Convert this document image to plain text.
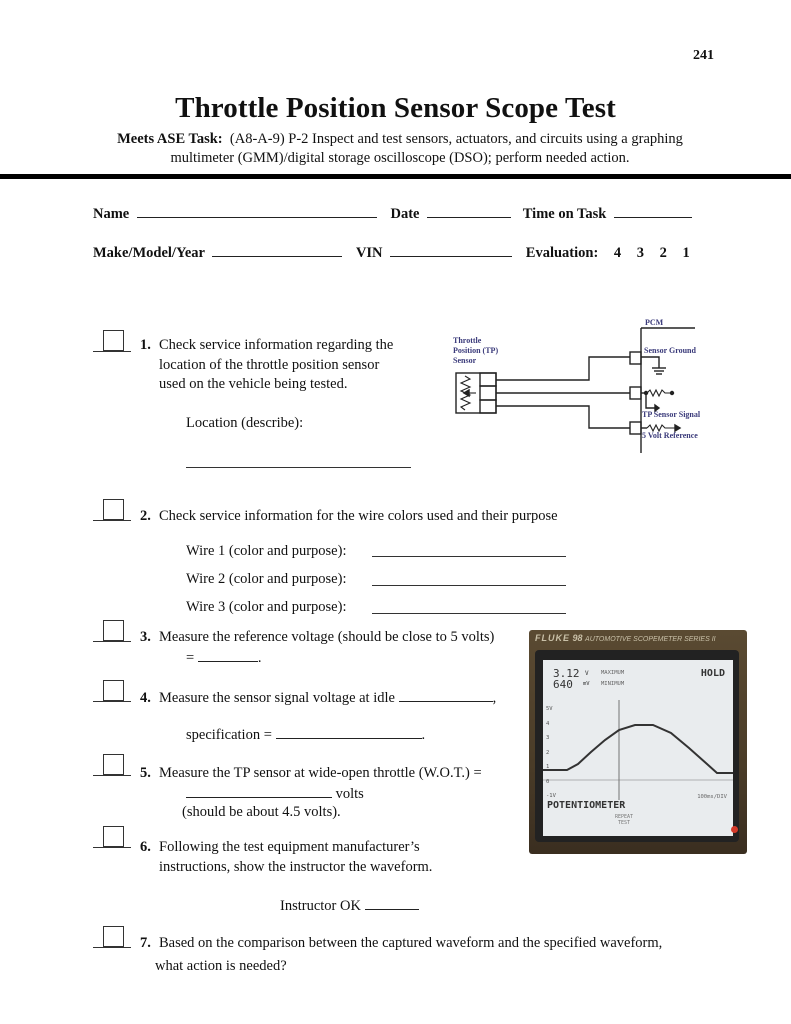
241
Throttle Position Sensor Scope Test
Meets ASE Task: (A8-A-9) P-2 Inspect and test sensors, actuators, and circuits using a graphing
multimeter (GMM)/digital storage oscilloscope (DSO); perform needed action.
Name	Date	Time on Task
Make/Model/Year	VIN	Evaluation: 4 3 2 1
1. Check service information regarding the
location of the throttle position sensor
used on the vehicle being tested.
Location (describe):
Throttle
Position (TP)
Sensor
PCM
Sensor Ground
TP Sensor Signal
5 Volt Reference
2. Check service information for the wire colors used and their purpose
Wire 1 (color and purpose):
Wire 2 (color and purpose):
Wire 3 (color and purpose):
3. Measure the reference voltage (should be close to 5 volts)
=	.
4. Measure the sensor signal voltage at idle	,
specification =	.
5. Measure the TP sensor at wide-open throttle (W.O.T.) =
volts
(should be about 4.5 volts).
6. Following the test equipment manufacturer’s
instructions, show the instructor the waveform.
Instructor OK
7. Based on the comparison between the captured waveform and the specified waveform,
what action is needed?
FLUKE 98 AUTOMOTIVE SCOPEMETER SERIES II
3.12 V MAXIMUM
640 mV MINIMUM
HOLD
5V
4
3
2
1
0
-1V
POTENTIOMETER
100ms/DIV
REPEAT
TEST
